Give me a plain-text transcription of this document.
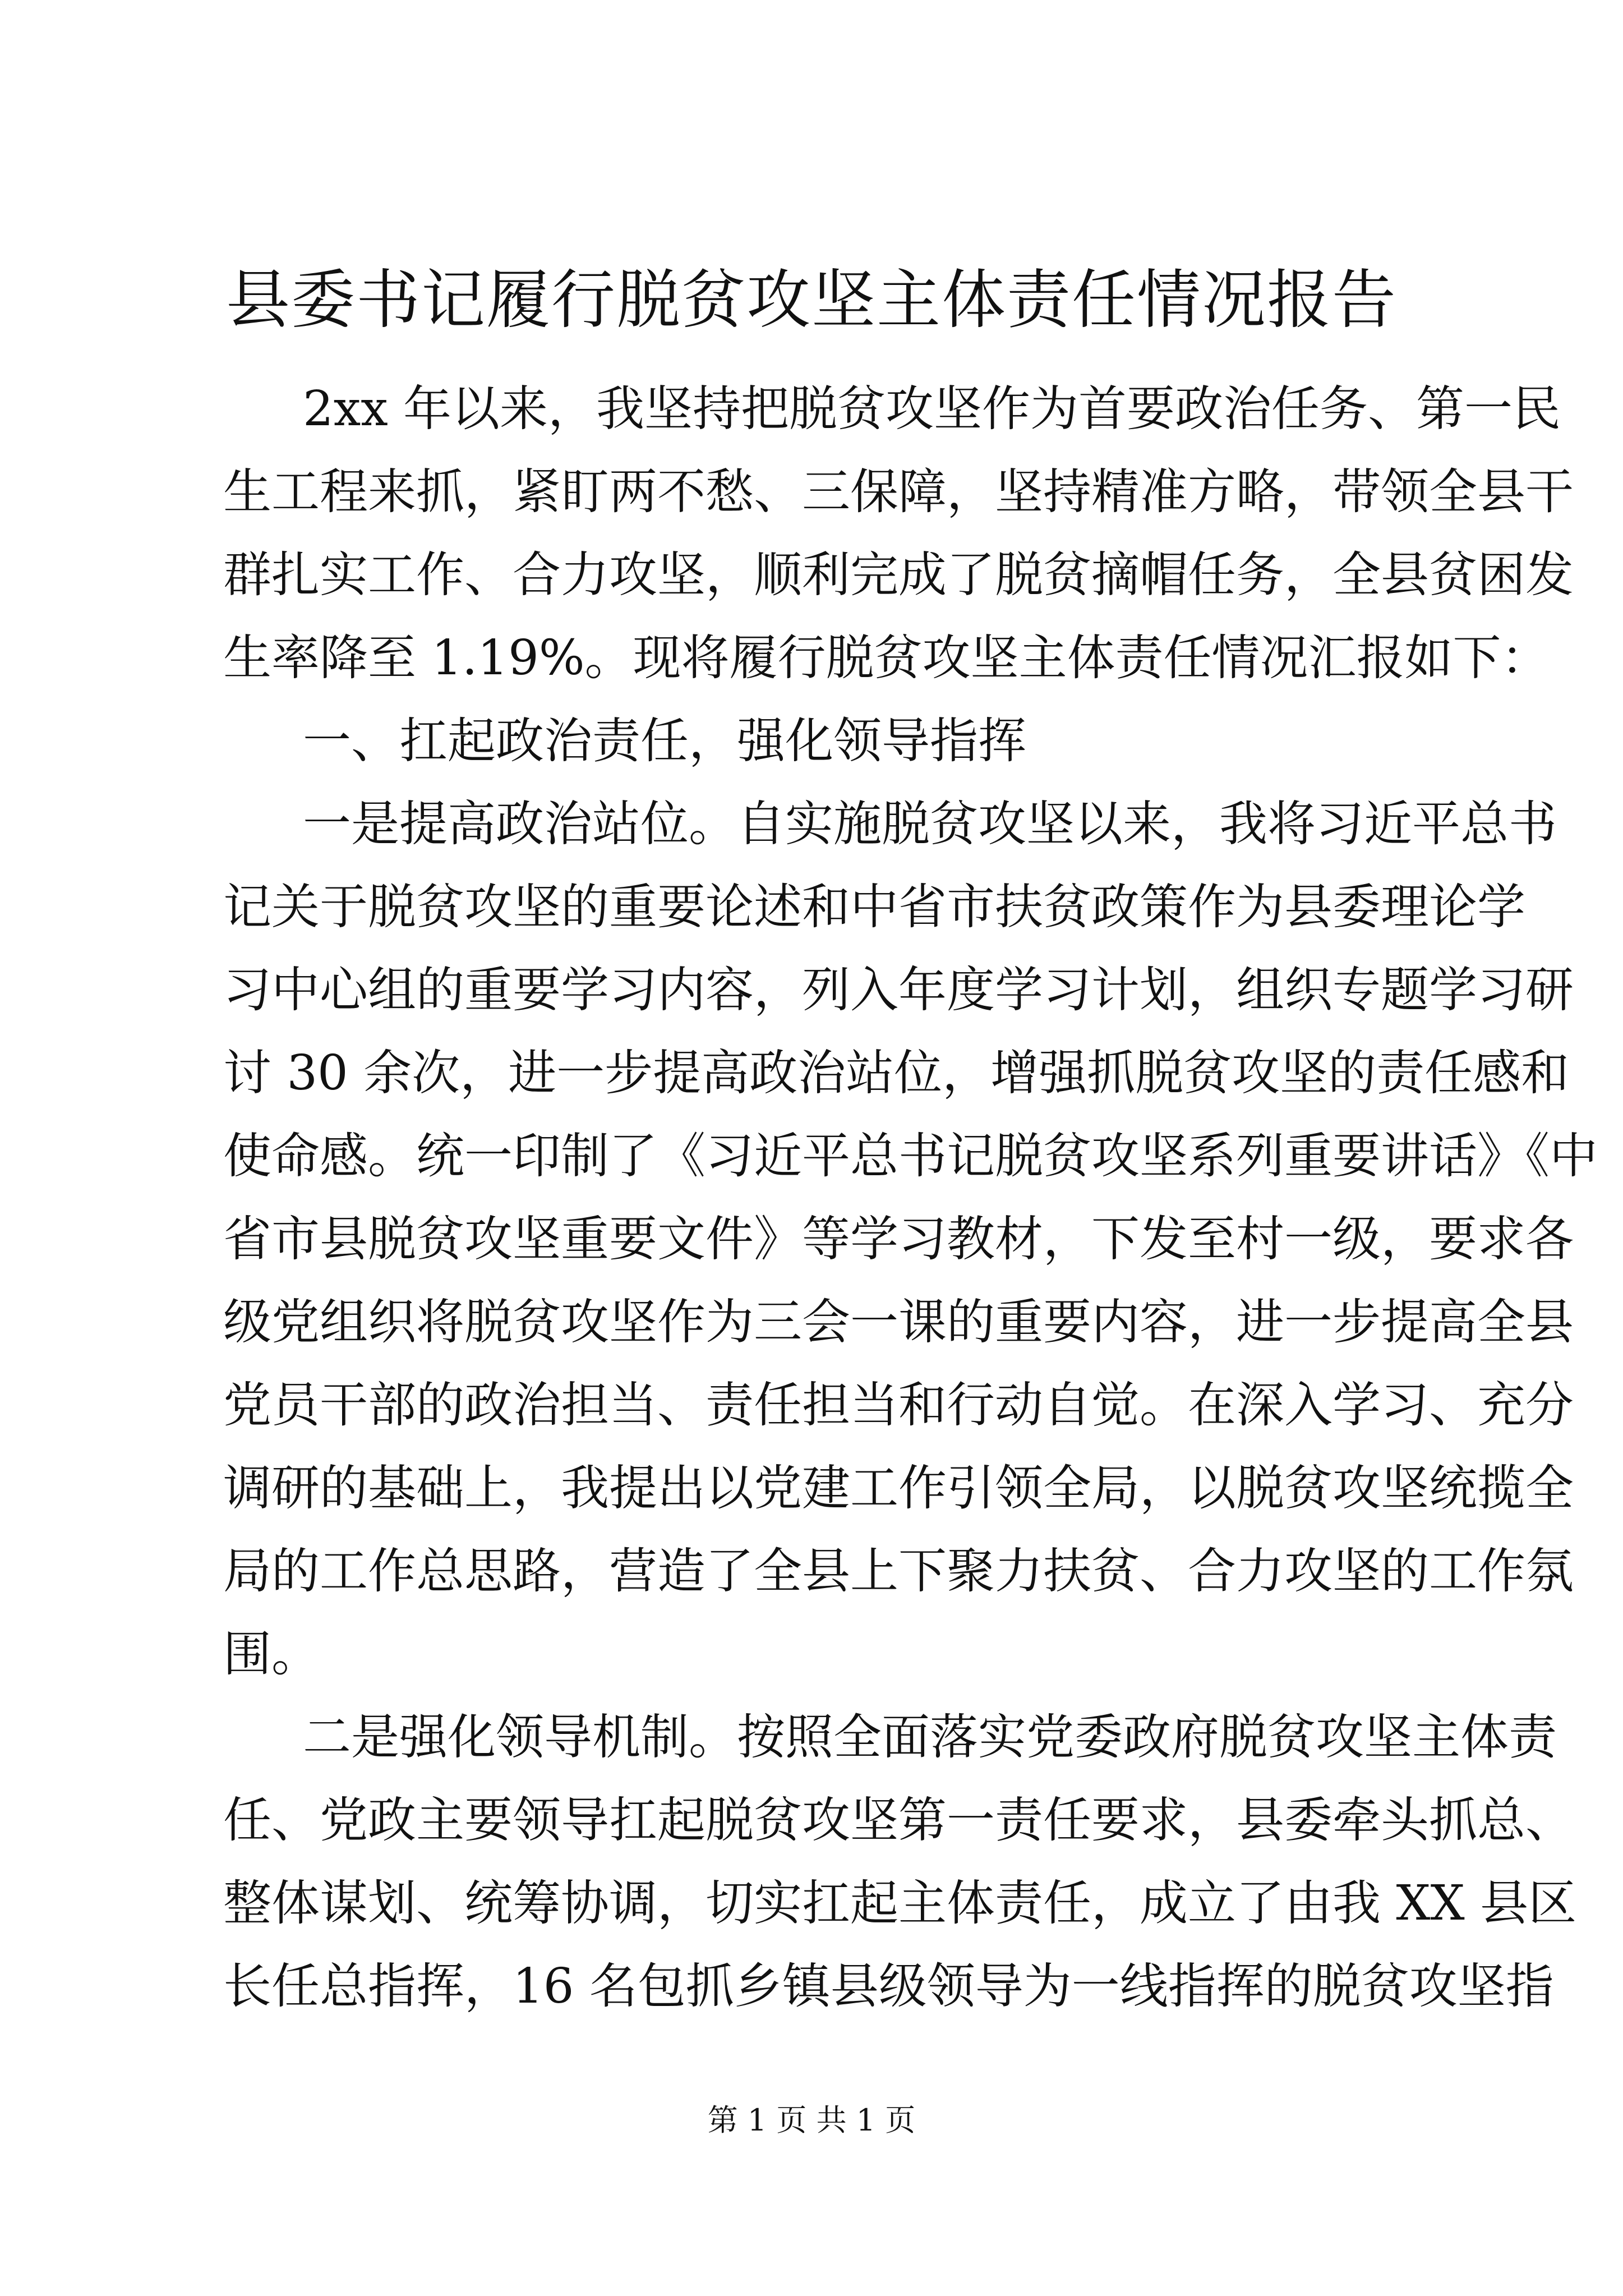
县委书记履行脱贫攻坚主体责任情况报告
2xx 年以来，我坚持把脱贫攻坚作为首要政治任务、第一民
生工程来抓，紧盯两不愁、三保障，坚持精准方略，带领全县干
群扎实工作、合力攻坚，顺利完成了脱贫摘帽任务，全县贫困发
生率降至 1.19%。现将履行脱贫攻坚主体责任情况汇报如下：
一、扛起政治责任，强化领导指挥
一是提高政治站位。自实施脱贫攻坚以来，我将习近平总书
记关于脱贫攻坚的重要论述和中省市扶贫政策作为县委理论学
习中心组的重要学习内容，列入年度学习计划，组织专题学习研
讨 30 余次，进一步提高政治站位，增强抓脱贫攻坚的责任感和
使命感。统一印制了《习近平总书记脱贫攻坚系列重要讲话》《中
省市县脱贫攻坚重要文件》等学习教材，下发至村一级，要求各
级党组织将脱贫攻坚作为三会一课的重要内容，进一步提高全县
党员干部的政治担当、责任担当和行动自觉。在深入学习、充分
调研的基础上，我提出以党建工作引领全局，以脱贫攻坚统揽全
局的工作总思路，营造了全县上下聚力扶贫、合力攻坚的工作氛
围。
二是强化领导机制。按照全面落实党委政府脱贫攻坚主体责
任、党政主要领导扛起脱贫攻坚第一责任要求，县委牵头抓总、
整体谋划、统筹协调，切实扛起主体责任，成立了由我 XX 县区
长任总指挥，16 名包抓乡镇县级领导为一线指挥的脱贫攻坚指
第 1 页 共 1 页
